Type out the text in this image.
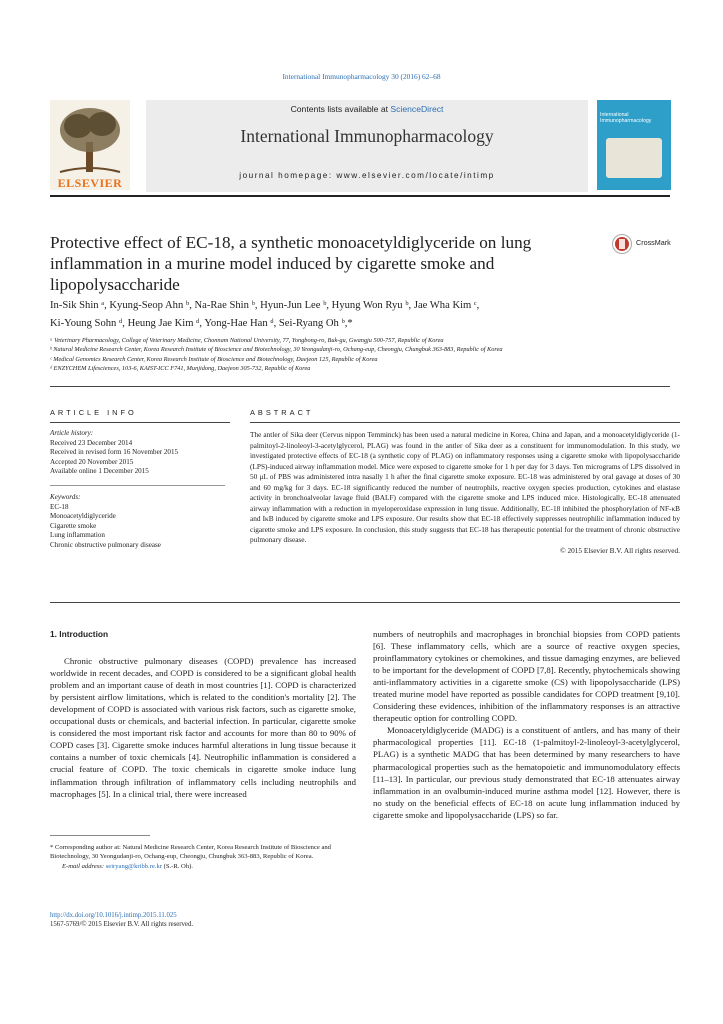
International Immunopharmacology 30 (2016) 62–68
ELSEVIER
Contents lists available at ScienceDirect
International Immunopharmacology
journal homepage: www.elsevier.com/locate/intimp
International Immunopharmacology
Protective effect of EC-18, a synthetic monoacetyldiglyceride on lung inflammation in a murine model induced by cigarette smoke and lipopolysaccharide
CrossMark
In-Sik Shin ᵃ, Kyung-Seop Ahn ᵇ, Na-Rae Shin ᵇ, Hyun-Jun Lee ᵇ, Hyung Won Ryu ᵇ, Jae Wha Kim ᶜ,
Ki-Young Sohn ᵈ, Heung Jae Kim ᵈ, Yong-Hae Han ᵈ, Sei-Ryang Oh ᵇ,*
ᵃ Veterinary Pharmacology, College of Veterinary Medicine, Chonnam National University, 77, Yongbong-ro, Buk-gu, Gwangju 500-757, Republic of Korea
ᵇ Natural Medicine Research Center, Korea Research Institute of Bioscience and Biotechnology, 30 Yeongudanji-ro, Ochang-eup, Cheongju, Chungbuk 363-883, Republic of Korea
ᶜ Medical Genomics Research Center, Korea Research Institute of Bioscience and Biotechnology, Daejeon 125, Republic of Korea
ᵈ ENZYCHEM Lifesciences, 103-6, KAIST-ICC F741, Munjidong, Daejeon 305-732, Republic of Korea
ARTICLE INFO
Article history:
Received 23 December 2014
Received in revised form 16 November 2015
Accepted 20 November 2015
Available online 1 December 2015
Keywords:
EC-18
Monoacetyldiglyceride
Cigarette smoke
Lung inflammation
Chronic obstructive pulmonary disease
ABSTRACT
The antler of Sika deer (Cervus nippon Temminck) has been used a natural medicine in Korea, China and Japan, and a monoacetyldiglyceride (1-palmitoyl-2-linoleoyl-3-acetylglycerol, PLAG) was found in the antler of Sika deer as a constituent for immunomodulation. In this study, we investigated protective effects of EC-18 (a synthetic copy of PLAG) on inflammatory responses using a cigarette smoke with lipopolysaccharide (LPS)-induced airway inflammation model. Mice were exposed to cigarette smoke for 1 h per day for 3 days. Ten micrograms of LPS dissolved in 50 μL of PBS was administered intra nasally 1 h after the final cigarette smoke exposure. EC-18 was administered by oral gavage at doses of 30 and 60 mg/kg for 3 days. EC-18 significantly reduced the number of neutrophils, reactive oxygen species production, cytokines and elastase activity in bronchoalveolar lavage fluid (BALF) compared with the cigarette smoke and LPS induced mice. Histologically, EC-18 attenuated airway inflammation with a reduction in myeloperoxidase expression in lung tissue. Additionally, EC-18 inhibited the phosphorylation of NF-κB and IκB induced by cigarette smoke and LPS exposure. Our results show that EC-18 effectively suppresses neutrophilic inflammation induced by cigarette smoke and LPS exposure. In conclusion, this study suggests that EC-18 has therapeutic potential for the treatment of chronic obstructive pulmonary disease.
© 2015 Elsevier B.V. All rights reserved.
1. Introduction

Chronic obstructive pulmonary diseases (COPD) prevalence has increased worldwide in recent decades, and COPD is considered to be a significant global health problem and an important cause of death in most countries [1]. COPD is characterized by persistent airflow limitations, which is related to the condition's mortality [2]. The development of COPD is associated with various risk factors, such as cigarette smoke, occupational dusts or chemicals, and bacterial infection. In particular, cigarette smoke is considered the most important risk factor and accounts for more than 80 to 90% of COPD cases [3]. Cigarette smoke induces harmful alterations in lung tissue because it contains a number of toxic chemicals [4]. Neutrophilic inflammation is considered a crucial feature of COPD. The toxic chemicals in cigarette smoke induce lung inflammation through infiltration of inflammatory cells including neutrophils and macrophages [5]. In a clinical trial, there were increased

numbers of neutrophils and macrophages in bronchial biopsies from COPD patients [6]. These inflammatory cells, which are a source of reactive oxygen species, proinflammatory cytokines or chemokines, and tissue damaging enzymes, are believed to be important for the development of COPD [7,8]. Recently, phytochemicals showing anti-inflammatory activities in a cigarette smoke (CS) with lipopolysaccharide (LPS) treated murine model have reported as possible candidates for COPD treatment [9,10]. Considering these evidences, inhibition of the inflammatory responses is an attractive therapeutic option for controlling COPD.

Monoacetyldiglyceride (MADG) is a constituent of antlers, and has many of their pharmacological properties [11]. EC-18 (1-palmitoyl-2-linoleoyl-3-acetylglycerol, PLAG) is a synthetic MADG that has been determined by many researchers to have pharmacological properties such as the hematopoietic and immunomodulatory effects [11–13]. In particular, our previous study demonstrated that EC-18 attenuates airway inflammation in an ovalbumin-induced murine asthma model [12]. However, there is no study on the beneficial effects of EC-18 on acute lung inflammation induced by cigarette smoke and lipopolysaccharide (LPS) so far.

* Corresponding author at: Natural Medicine Research Center, Korea Research Institute of Bioscience and Biotechnology, 30 Yeongudanji-ro, Ochang-eup, Cheongju, Chungbuk 363-883, Republic of Korea.
E-mail address: seiryang@kribb.re.kr (S.-R. Oh).
http://dx.doi.org/10.1016/j.intimp.2015.11.025
1567-5769/© 2015 Elsevier B.V. All rights reserved.
